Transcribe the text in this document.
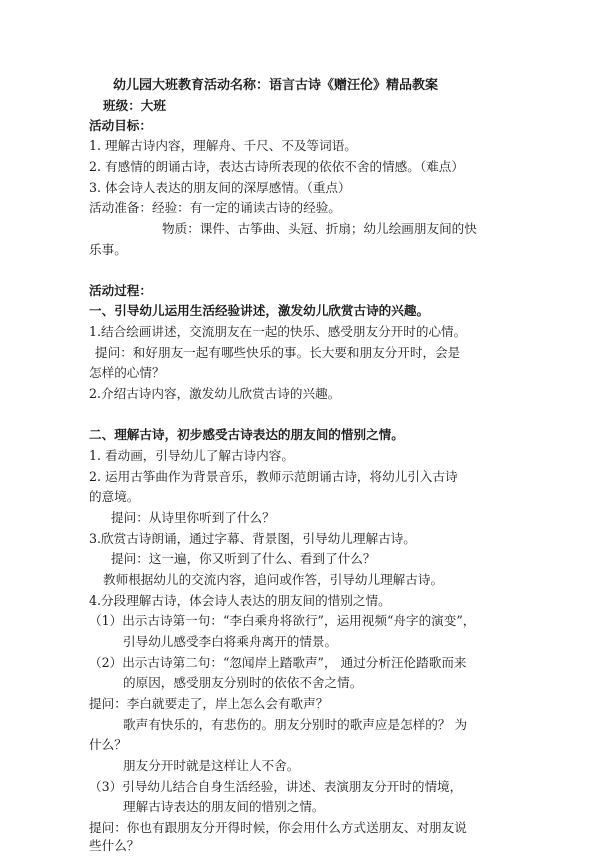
幼儿园大班教育活动名称：语言古诗《赠汪伦》精品教案
班级：大班
活动目标：
1. 理解古诗内容，理解舟、千尺、不及等词语。
2. 有感情的朗诵古诗，表达古诗所表现的依依不舍的情感。（难点）
3. 体会诗人表达的朋友间的深厚感情。（重点）
活动准备：经验：有一定的诵读古诗的经验。
物质：课件、古筝曲、头冠、折扇；幼儿绘画朋友间的快
乐事。
活动过程：
一、引导幼儿运用生活经验讲述，激发幼儿欣赏古诗的兴趣。
1.结合绘画讲述，交流朋友在一起的快乐、感受朋友分开时的心情。
提问：和好朋友一起有哪些快乐的事。长大要和朋友分开时，会是
怎样的心情？
2.介绍古诗内容，激发幼儿欣赏古诗的兴趣。
二、理解古诗，初步感受古诗表达的朋友间的惜别之情。
1. 看动画，引导幼儿了解古诗内容。
2. 运用古筝曲作为背景音乐，教师示范朗诵古诗，将幼儿引入古诗
的意境。
提问：从诗里你听到了什么？
3.欣赏古诗朗诵，通过字幕、背景图，引导幼儿理解古诗。
提问：这一遍，你又听到了什么、看到了什么？
教师根据幼儿的交流内容，追问或作答，引导幼儿理解古诗。
4.分段理解古诗，体会诗人表达的朋友间的惜别之情。
（1）出示古诗第一句：“李白乘舟将欲行”，运用视频“舟字的演变”，
引导幼儿感受李白将乘舟离开的情景。
（2）出示古诗第二句：“忽闻岸上踏歌声”， 通过分析汪伦踏歌而来
的原因，感受朋友分别时的依依不舍之情。
提问：李白就要走了，岸上怎么会有歌声？
歌声有快乐的，有悲伤的。朋友分别时的歌声应是怎样的？ 为
什么？
朋友分开时就是这样让人不舍。
（3）引导幼儿结合自身生活经验，讲述、表演朋友分开时的情境，
理解古诗表达的朋友间的惜别之情。
提问：你也有跟朋友分开得时候，你会用什么方式送朋友、对朋友说
些什么？
